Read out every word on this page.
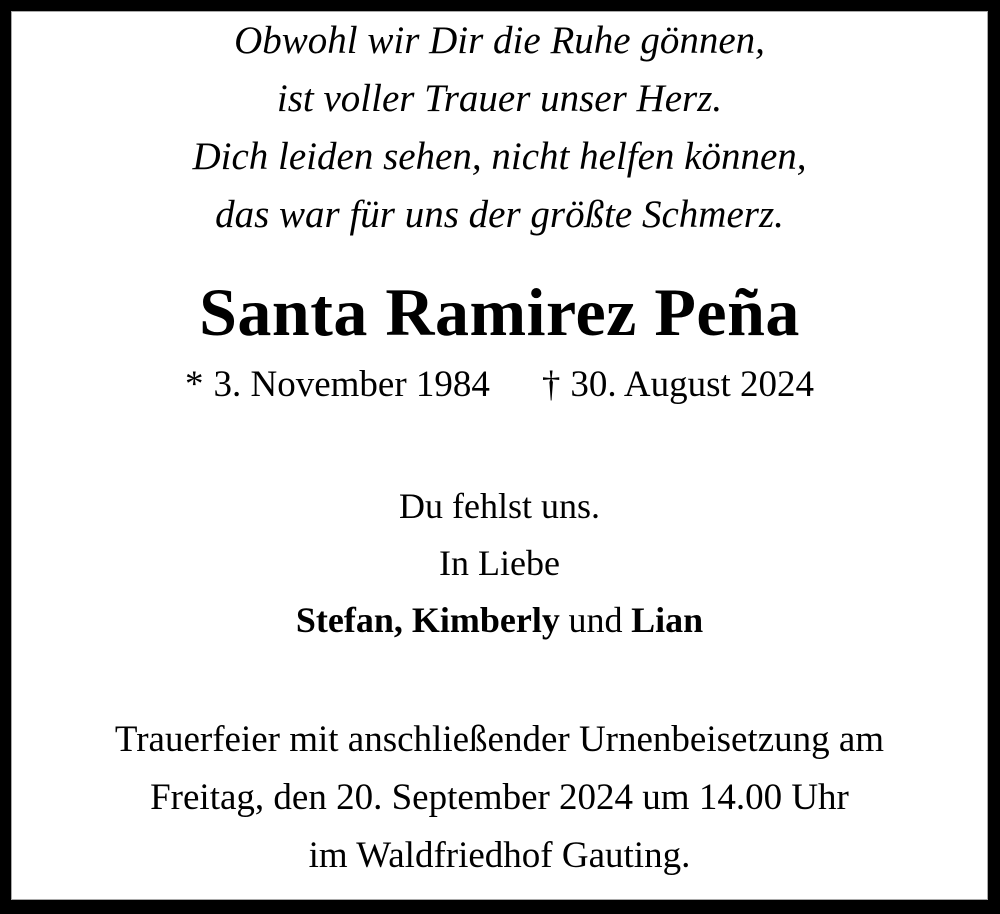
Obwohl wir Dir die Ruhe gönnen,
ist voller Trauer unser Herz.
Dich leiden sehen, nicht helfen können,
das war für uns der größte Schmerz.
Santa Ramirez Peña
* 3. November 1984 † 30. August 2024
Du fehlst uns.
In Liebe
Stefan, Kimberly und Lian
Trauerfeier mit anschließender Urnenbeisetzung am
Freitag, den 20. September 2024 um 14.00 Uhr
im Waldfriedhof Gauting.
